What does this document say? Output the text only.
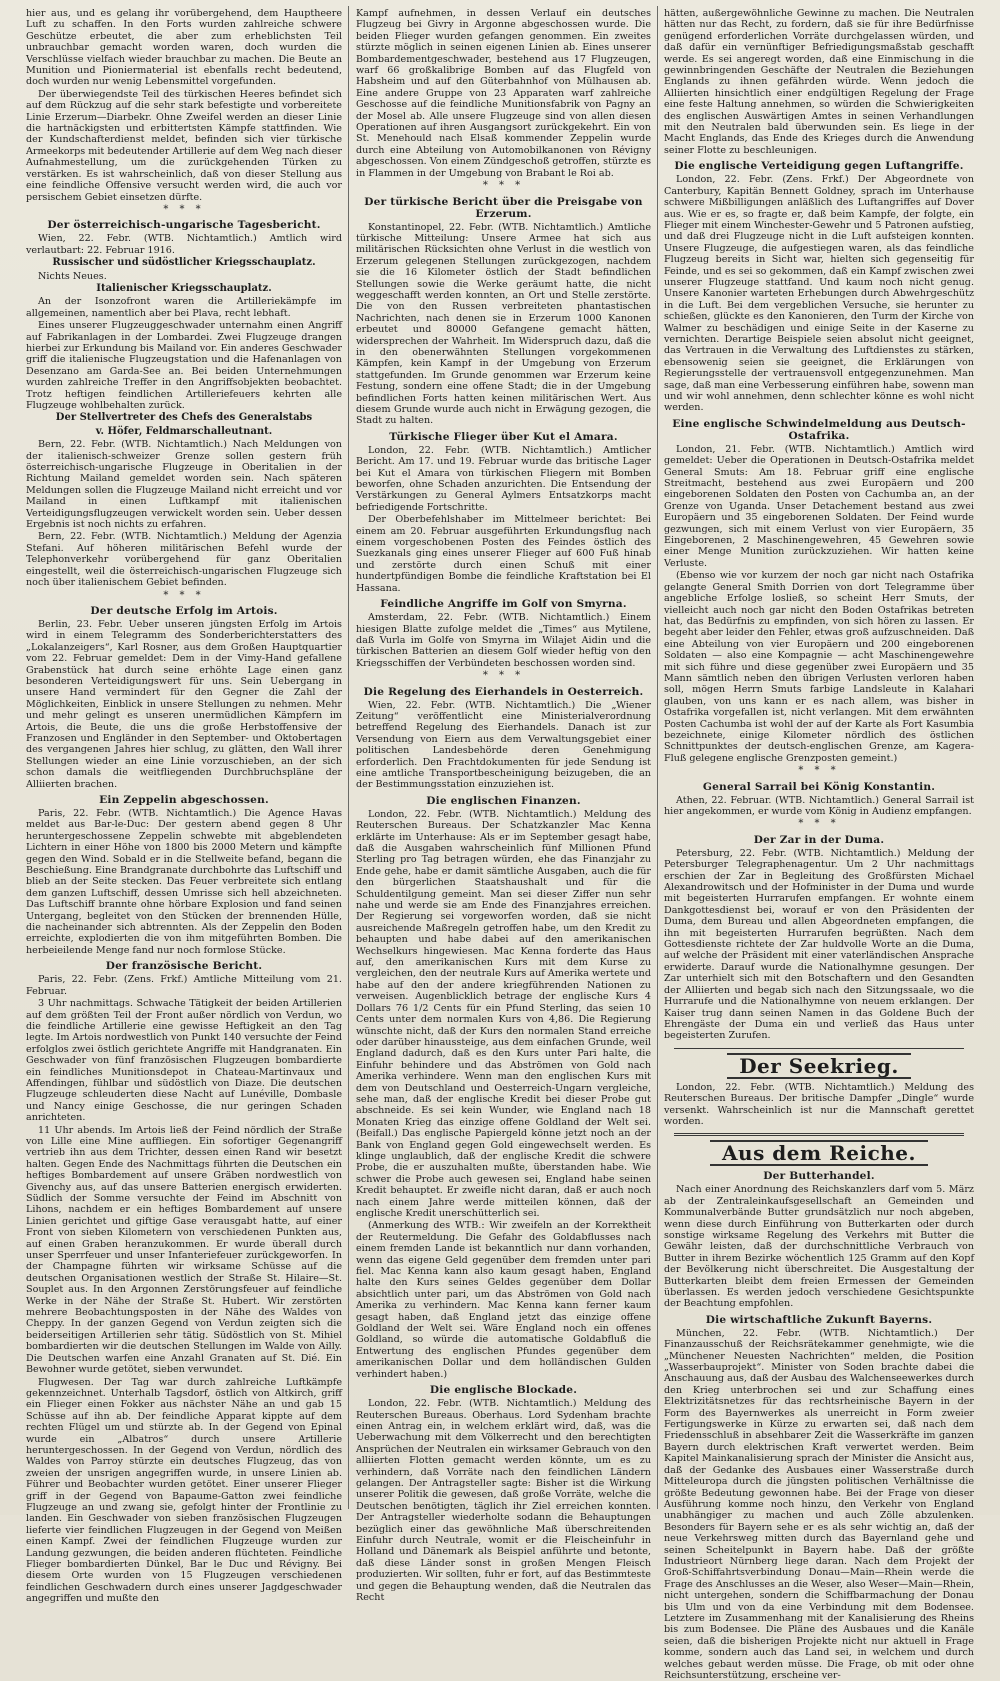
hier aus, und es gelang ihr vorübergehend, dem Hauptheere Luft zu schaffen. In den Forts wurden zahlreiche schwere Geschütze erbeutet, die aber zum erheblichsten Teil unbrauchbar gemacht worden waren, doch wurden die Verschlüsse vielfach wieder brauchbar zu machen. Die Beute an Munition und Pioniermaterial ist ebenfalls recht bedeutend, doch wurden nur wenig Lebensmittel vorgefunden.

Der überwiegendste Teil des türkischen Heeres befindet sich auf dem Rückzug auf die sehr stark befestigte und vorbereitete Linie Erzerum—Diarbekr. Ohne Zweifel werden an dieser Linie die hartnäckigsten und erbittertsten Kämpfe stattfinden. Wie der Kundschafterdienst meldet, befinden sich vier türkische Armeekorps mit bedeutender Artillerie auf dem Weg nach dieser Aufnahmestellung, um die zurückgehenden Türken zu verstärken. Es ist wahrscheinlich, daß von dieser Stellung aus eine feindliche Offensive versucht werden wird, die auch vor persischem Gebiet einsetzen dürfte.

* * *
Der österreichisch-ungarische Tagesbericht.

Wien, 22. Febr. (WTB. Nichtamtlich.) Amtlich wird verlautbart: 22. Februar 1916.

Russischer und südöstlicher Kriegsschauplatz.

Nichts Neues.

Italienischer Kriegsschauplatz.

An der Isonzofront waren die Artilleriekämpfe im allgemeinen, namentlich aber bei Plava, recht lebhaft.

Eines unserer Flugzeuggeschwader unternahm einen Angriff auf Fabrikanlagen in der Lombardei. Zwei Flugzeuge drangen hierbei zur Erkundung bis Mailand vor. Ein anderes Geschwader griff die italienische Flugzeugstation und die Hafenanlagen von Desenzano am Garda-See an. Bei beiden Unternehmungen wurden zahlreiche Treffer in den Angriffsobjekten beobachtet. Trotz heftigen feindlichen Artilleriefeuers kehrten alle Flugzeuge wohlbehalten zurück.

Der Stellvertreter des Chefs des Generalstabs
v. Höfer, Feldmarschalleutnant.

Bern, 22. Febr. (WTB. Nichtamtlich.) Nach Meldungen von der italienisch-schweizer Grenze sollen gestern früh österreichisch-ungarische Flugzeuge in Oberitalien in der Richtung Mailand gemeldet worden sein. Nach späteren Meldungen sollen die Flugzeuge Mailand nicht erreicht und vor Mailand in einen Luftkampf mit italienischen Verteidigungsflugzeugen verwickelt worden sein. Ueber dessen Ergebnis ist noch nichts zu erfahren.

Bern, 22. Febr. (WTB. Nichtamtlich.) Meldung der Agenzia Stefani. Auf höheren militärischen Befehl wurde der Telephonverkehr vorübergehend für ganz Oberitalien eingestellt, weil die österreichisch-ungarischen Flugzeuge sich noch über italienischem Gebiet befinden.

* * *
Der deutsche Erfolg im Artois.

Berlin, 23. Febr. Ueber unseren jüngsten Erfolg im Artois wird in einem Telegramm des Sonderberichterstatters des „Lokalanzeigers“, Karl Rosner, aus dem Großen Hauptquartier vom 22. Februar gemeldet: Dem in der Vimy-Hand gefallene Grabenstück hat durch seine erhöhte Lage einen ganz besonderen Verteidigungswert für uns. Sein Uebergang in unsere Hand vermindert für den Gegner die Zahl der Möglichkeiten, Einblick in unsere Stellungen zu nehmen. Mehr und mehr gelingt es unseren unermüdlichen Kämpfern im Artois, die Beute, die uns die große Herbstoffensive der Franzosen und Engländer in den September- und Oktobertagen des vergangenen Jahres hier schlug, zu glätten, den Wall ihrer Stellungen wieder an eine Linie vorzuschieben, an der sich schon damals die weitfliegenden Durchbruchspläne der Alliierten brachen.

Ein Zeppelin abgeschossen.

Paris, 22. Febr. (WTB. Nichtamtlich.) Die Agence Havas meldet aus Bar-le-Duc: Der gestern abend gegen 8 Uhr heruntergeschossene Zeppelin schwebte mit abgeblendeten Lichtern in einer Höhe von 1800 bis 2000 Metern und kämpfte gegen den Wind. Sobald er in die Stellweite befand, begann die Beschießung. Eine Brandgranate durchbohrte das Luftschiff und blieb an der Seite stecken. Das Feuer verbreitete sich entlang dem ganzen Luftschiff, dessen Umrisse sich hell abzeichneten. Das Luftschiff brannte ohne hörbare Explosion und fand seinen Untergang, begleitet von den Stücken der brennenden Hülle, die nacheinander sich abtrennten. Als der Zeppelin den Boden erreichte, explodierten die von ihm mitgeführten Bomben. Die herbeieilende Menge fand nur noch formlose Stücke.

Der französische Bericht.

Paris, 22. Febr. (Zens. Frkf.) Amtliche Mitteilung vom 21. Februar.

3 Uhr nachmittags. Schwache Tätigkeit der beiden Artillerien auf dem größten Teil der Front außer nördlich von Verdun, wo die feindliche Artillerie eine gewisse Heftigkeit an den Tag legte. Im Artois nordwestlich von Punkt 140 versuchte der Feind erfolglos zwei östlich gerichtete Angriffe mit Handgranaten. Ein Geschwader von fünf französischen Flugzeugen bombardierte ein feindliches Munitionsdepot in Chateau-Martinvaux und Affendingen, fühlbar und südöstlich von Diaze. Die deutschen Flugzeuge schleuderten diese Nacht auf Lunéville, Dombasle und Nancy einige Geschosse, die nur geringen Schaden anrichteten.

11 Uhr abends. Im Artois ließ der Feind nördlich der Straße von Lille eine Mine auffliegen. Ein sofortiger Gegenangriff vertrieb ihn aus dem Trichter, dessen einen Rand wir besetzt halten. Gegen Ende des Nachmittags führten die Deutschen ein heftiges Bombardement auf unsere Gräben nordwestlich von Givenchy aus, auf das unsere Batterien energisch erwiderten. Südlich der Somme versuchte der Feind im Abschnitt von Lihons, nachdem er ein heftiges Bombardement auf unsere Linien gerichtet und giftige Gase verausgabt hatte, auf einer Front von sieben Kilometern von verschiedenen Punkten aus, auf einen Graben heranzukommen. Er wurde überall durch unser Sperrfeuer und unser Infanteriefeuer zurückgeworfen. In der Champagne führten wir wirksame Schüsse auf die deutschen Organisationen westlich der Straße St. Hilaire—St. Souplet aus. In den Argonnen Zerstörungsfeuer auf feindliche Werke in der Nähe der Straße St. Hubert. Wir zerstörten mehrere Beobachtungsposten in der Nähe des Waldes von Cheppy. In der ganzen Gegend von Verdun zeigten sich die beiderseitigen Artillerien sehr tätig. Südöstlich von St. Mihiel bombardierten wir die deutschen Stellungen im Walde von Ailly. Die Deutschen warfen eine Anzahl Granaten auf St. Dié. Ein Bewohner wurde getötet, sieben verwundet.

Flugwesen. Der Tag war durch zahlreiche Luftkämpfe gekennzeichnet. Unterhalb Tagsdorf, östlich von Altkirch, griff ein Flieger einen Fokker aus nächster Nähe an und gab 15 Schüsse auf ihn ab. Der feindliche Apparat kippte auf dem rechten Flügel um und stürzte ab. In der Gegend von Epinal wurde ein „Albatros“ durch unsere Artillerie heruntergeschossen. In der Gegend von Verdun, nördlich des Waldes von Parroy stürzte ein deutsches Flugzeug, das von zweien der unsrigen angegriffen wurde, in unsere Linien ab. Führer und Beobachter wurden getötet. Einer unserer Flieger griff in der Gegend von Bapaume-Gatton zwei feindliche Flugzeuge an und zwang sie, gefolgt hinter der Frontlinie zu landen. Ein Geschwader von sieben französischen Flugzeugen lieferte vier feindlichen Flugzeugen in der Gegend von Meißen einen Kampf. Zwei der feindlichen Flugzeuge wurden zur Landung gezwungen, die beiden anderen flüchteten. Feindliche Flieger bombardierten Dünkel, Bar le Duc und Révigny. Bei diesem Orte wurden von 15 Flugzeugen verschiedenen feindlichen Geschwadern durch eines unserer Jagdgeschwader angegriffen und mußte den

Kampf aufnehmen, in dessen Verlauf ein deutsches Flugzeug bei Givry in Argonne abgeschossen wurde. Die beiden Flieger wurden gefangen genommen. Ein zweites stürzte möglich in seinen eigenen Linien ab. Eines unserer Bombardementgeschwader, bestehend aus 17 Flugzeugen, warf 66 großkalibrige Bomben auf das Flugfeld von Habsheim und auf den Güterbahnhof von Mülhausen ab. Eine andere Gruppe von 23 Apparaten warf zahlreiche Geschosse auf die feindliche Munitionsfabrik von Pagny an der Mosel ab. Alle unsere Flugzeuge sind von allen diesen Operationen auf ihren Ausgangsort zurückgekehrt. Ein von St. Menehould nach Elsaß kommender Zeppelin wurde durch eine Abteilung von Automobilkanonen von Révigny abgeschossen. Von einem Zündgeschoß getroffen, stürzte es in Flammen in der Umgebung von Brabant le Roi ab.

* * *
Der türkische Bericht über die Preisgabe von Erzerum.

Konstantinopel, 22. Febr. (WTB. Nichtamtlich.) Amtliche türkische Mitteilung: Unsere Armee hat sich aus militärischen Rücksichten ohne Verlust in die westlich von Erzerum gelegenen Stellungen zurückgezogen, nachdem sie die 16 Kilometer östlich der Stadt befindlichen Stellungen sowie die Werke geräumt hatte, die nicht weggeschafft werden konnten, an Ort und Stelle zerstörte. Die von den Russen verbreiteten phantastischen Nachrichten, nach denen sie in Erzerum 1000 Kanonen erbeutet und 80000 Gefangene gemacht hätten, widersprechen der Wahrheit. Im Widerspruch dazu, daß die in den obenerwähnten Stellungen vorgekommenen Kämpfen, kein Kampf in der Umgebung von Erzerum stattgefunden. Im Grunde genommen war Erzerum keine Festung, sondern eine offene Stadt; die in der Umgebung befindlichen Forts hatten keinen militärischen Wert. Aus diesem Grunde wurde auch nicht in Erwägung gezogen, die Stadt zu halten.

Türkische Flieger über Kut el Amara.

London, 22. Febr. (WTB. Nichtamtlich.) Amtlicher Bericht. Am 17. und 19. Februar wurde das britische Lager bei Kut el Amara von türkischen Fliegern mit Bomben beworfen, ohne Schaden anzurichten. Die Entsendung der Verstärkungen zu General Aylmers Entsatzkorps macht befriedigende Fortschritte.

Der Oberbefehlshaber im Mittelmeer berichtet: Bei einem am 20. Februar ausgeführten Erkundungsflug nach einem vorgeschobenen Posten des Feindes östlich des Suezkanals ging eines unserer Flieger auf 600 Fuß hinab und zerstörte durch einen Schuß mit einer hundertpfündigen Bombe die feindliche Kraftstation bei El Hassana.

Feindliche Angriffe im Golf von Smyrna.

Amsterdam, 22. Febr. (WTB. Nichtamtlich.) Einem hiesigen Blatte zufolge meldet die „Times“ aus Mytilene, daß Vurla im Golfe von Smyrna im Wilajet Aidin und die türkischen Batterien an diesem Golf wieder heftig von den Kriegsschiffen der Verbündeten beschossen worden sind.

* * *
Die Regelung des Eierhandels in Oesterreich.

Wien, 22. Febr. (WTB. Nichtamtlich.) Die „Wiener Zeitung“ veröffentlicht eine Ministerialverordnung betreffend Regelung des Eierhandels. Danach ist zur Versendung von Eiern aus dem Verwaltungsgebiet einer politischen Landesbehörde deren Genehmigung erforderlich. Den Frachtdokumenten für jede Sendung ist eine amtliche Transportbescheinigung beizugeben, die an der Bestimmungsstation einzuziehen ist.

Die englischen Finanzen.

London, 22. Febr. (WTB. Nichtamtlich.) Meldung des Reuterschen Bureaus. Der Schatzkanzler Mac Kenna erklärte im Unterhause: Als er im September gesagt habe, daß die Ausgaben wahrscheinlich fünf Millionen Pfund Sterling pro Tag betragen würden, ehe das Finanzjahr zu Ende gehe, habe er damit sämtliche Ausgaben, auch die für den bürgerlichen Staatshaushalt und für die Schuldentilgung gemeint. Man sei dieser Ziffer nun sehr nahe und werde sie am Ende des Finanzjahres erreichen. Der Regierung sei vorgeworfen worden, daß sie nicht ausreichende Maßregeln getroffen habe, um den Kredit zu behaupten und habe dabei auf den amerikanischen Wechselkurs hingewiesen. Mac Kenna forderte das Haus auf, den amerikanischen Kurs mit dem Kurse zu vergleichen, den der neutrale Kurs auf Amerika wertete und habe auf den der andere kriegführenden Nationen zu verweisen. Augenblicklich betrage der englische Kurs 4 Dollars 76 1/2 Cents für ein Pfund Sterling, das seien 10 Cents unter dem normalen Kurs von 4,86. Die Regierung wünschte nicht, daß der Kurs den normalen Stand erreiche oder darüber hinaussteige, aus dem einfachen Grunde, weil England dadurch, daß es den Kurs unter Pari halte, die Einfuhr behindere und das Abströmen von Gold nach Amerika verhindere. Wenn man den englischen Kurs mit dem von Deutschland und Oesterreich-Ungarn vergleiche, sehe man, daß der englische Kredit bei dieser Probe gut abschneide. Es sei kein Wunder, wie England nach 18 Monaten Krieg das einzige offene Goldland der Welt sei. (Beifall.) Das englische Papiergeld könne jetzt noch an der Bank von England gegen Gold eingewechselt werden. Es klinge unglaublich, daß der englische Kredit die schwere Probe, die er auszuhalten mußte, überstanden habe. Wie schwer die Probe auch gewesen sei, England habe seinen Kredit behauptet. Er zweifle nicht daran, daß er auch noch nach einem Jahre werde mitteilen können, daß der englische Kredit unerschütterlich sei.

(Anmerkung des WTB.: Wir zweifeln an der Korrektheit der Reutermeldung. Die Gefahr des Goldabflusses nach einem fremden Lande ist bekanntlich nur dann vorhanden, wenn das eigene Geld gegenüber dem fremden unter pari fiel. Mac Kenna kann also kaum gesagt haben, England halte den Kurs seines Geldes gegenüber dem Dollar absichtlich unter pari, um das Abströmen von Gold nach Amerika zu verhindern. Mac Kenna kann ferner kaum gesagt haben, daß England jetzt das einzige offene Goldland der Welt sei. Wäre England noch ein offenes Goldland, so würde die automatische Goldabfluß die Entwertung des englischen Pfundes gegenüber dem amerikanischen Dollar und dem holländischen Gulden verhindert haben.)

Die englische Blockade.

London, 22. Febr. (WTB. Nichtamtlich.) Meldung des Reuterschen Bureaus. Oberhaus. Lord Sydenham brachte einen Antrag ein, in welchem erklärt wird, daß, was die Ueberwachung mit dem Völkerrecht und den berechtigten Ansprüchen der Neutralen ein wirksamer Gebrauch von den alliierten Flotten gemacht werden könnte, um es zu verhindern, daß Vorräte nach den feindlichen Ländern gelangen. Der Antragsteller sagte: Bisher ist die Wirkung unserer Politik die gewesen, daß große Vorräte, welche die Deutschen benötigten, täglich ihr Ziel erreichen konnten. Der Antragsteller wiederholte sodann die Behauptungen bezüglich einer das gewöhnliche Maß überschreitenden Einfuhr durch Neutrale, womit er die Fleischeinfuhr in Holland und Dänemark als Beispiel anführte und betonte, daß diese Länder sonst in großen Mengen Fleisch produzierten. Wir sollten, fuhr er fort, auf das Bestimmteste und gegen die Behauptung wenden, daß die Neutralen das Recht

hätten, außergewöhnliche Gewinne zu machen. Die Neutralen hätten nur das Recht, zu fordern, daß sie für ihre Bedürfnisse genügend erforderlichen Vorräte durchgelassen würden, und daß dafür ein vernünftiger Befriedigungsmaßstab geschafft werde. Es sei angeregt worden, daß eine Einmischung in die gewinnbringenden Geschäfte der Neutralen die Beziehungen Englands zu ihnen gefährden würde. Wenn jedoch die Alliierten hinsichtlich einer endgültigen Regelung der Frage eine feste Haltung annehmen, so würden die Schwierigkeiten des englischen Auswärtigen Amtes in seinen Verhandlungen mit den Neutralen bald überwunden sein. Es liege in der Macht Englands, das Ende des Krieges durch die Anwendung seiner Flotte zu beschleunigen.

Die englische Verteidigung gegen Luftangriffe.

London, 22. Febr. (Zens. Frkf.) Der Abgeordnete von Canterbury, Kapitän Bennett Goldney, sprach im Unterhause schwere Mißbilligungen anläßlich des Luftangriffes auf Dover aus. Wie er es, so fragte er, daß beim Kampfe, der folgte, ein Flieger mit einem Winchester-Gewehr und 5 Patronen aufstieg, und daß drei Flugzeuge nicht in die Luft aufsteigen konnten. Unsere Flugzeuge, die aufgestiegen waren, als das feindliche Flugzeug bereits in Sicht war, hielten sich gegenseitig für Feinde, und es sei so gekommen, daß ein Kampf zwischen zwei unserer Flugzeuge stattfand. Und kaum noch nicht genug. Unsere Kanonier warteten Erhebungen durch Abwehrgeschütz in die Luft. Bei dem vergeblichen Versuche, sie herunter zu schießen, glückte es den Kanonieren, den Turm der Kirche von Walmer zu beschädigen und einige Seite in der Kaserne zu vernichten. Derartige Beispiele seien absolut nicht geeignet, das Vertrauen in die Verwaltung des Luftdienstes zu stärken, ebensowenig seien sie geeignet, die Erklärungen von Regierungsstelle der vertrauensvoll entgegenzunehmen. Man sage, daß man eine Verbesserung einführen habe, sowenn man und wir wohl annehmen, denn schlechter könne es wohl nicht werden.

Eine englische Schwindelmeldung aus Deutsch-Ostafrika.

London, 21. Febr. (WTB. Nichtamtlich.) Amtlich wird gemeldet: Ueber die Operationen in Deutsch-Ostafrika meldet General Smuts: Am 18. Februar griff eine englische Streitmacht, bestehend aus zwei Europäern und 200 eingeborenen Soldaten den Posten von Cachumba an, an der Grenze von Uganda. Unser Detachement bestand aus zwei Europäern und 35 eingeborenen Soldaten. Der Feind wurde gezwungen, sich mit einem Verlust von vier Europäern, 35 Eingeborenen, 2 Maschinengewehren, 45 Gewehren sowie einer Menge Munition zurückzuziehen. Wir hatten keine Verluste.

(Ebenso wie vor kurzem der noch gar nicht nach Ostafrika gelangte General Smith Dorrien von dort Telegramme über angebliche Erfolge losließ, so scheint Herr Smuts, der vielleicht auch noch gar nicht den Boden Ostafrikas betreten hat, das Bedürfnis zu empfinden, von sich hören zu lassen. Er begeht aber leider den Fehler, etwas groß aufzuschneiden. Daß eine Abteilung von vier Europäern und 200 eingeborenen Soldaten — also eine Kompagnie — acht Maschinengewehre mit sich führe und diese gegenüber zwei Europäern und 35 Mann sämtlich neben den übrigen Verlusten verloren haben soll, mögen Herrn Smuts farbige Landsleute in Kalahari glauben, von uns kann er es nach allem, was bisher in Ostafrika vorgefallen ist, nicht verlangen. Mit dem erwähnten Posten Cachumba ist wohl der auf der Karte als Fort Kasumbia bezeichnete, einige Kilometer nördlich des östlichen Schnittpunktes der deutsch-englischen Grenze, am Kagera-Fluß gelegene englische Grenzposten gemeint.)

* * *
General Sarrail bei König Konstantin.

Athen, 22. Februar. (WTB. Nichtamtlich.) General Sarrail ist hier angekommen, er wurde vom König in Audienz empfangen.

* * *
Der Zar in der Duma.

Petersburg, 22. Febr. (WTB. Nichtamtlich.) Meldung der Petersburger Telegraphenagentur. Um 2 Uhr nachmittags erschien der Zar in Begleitung des Großfürsten Michael Alexandrowitsch und der Hofminister in der Duma und wurde mit begeisterten Hurrarufen empfangen. Er wohnte einem Dankgottesdienst bei, worauf er von den Präsidenten der Duma, dem Bureau und allen Abgeordneten empfangen, die ihn mit begeisterten Hurrarufen begrüßten. Nach dem Gottesdienste richtete der Zar huldvolle Worte an die Duma, auf welche der Präsident mit einer vaterländischen Ansprache erwiderte. Darauf wurde die Nationalhymne gesungen. Der Zar unterhielt sich mit den Botschaftern und den Gesandten der Alliierten und begab sich nach den Sitzungssaale, wo die Hurrarufe und die Nationalhymne von neuem erklangen. Der Kaiser trug dann seinen Namen in das Goldene Buch der Ehrengäste der Duma ein und verließ das Haus unter begeisterten Zurufen.

Der Seekrieg.

London, 22. Febr. (WTB. Nichtamtlich.) Meldung des Reuterschen Bureaus. Der britische Dampfer „Dingle“ wurde versenkt. Wahrscheinlich ist nur die Mannschaft gerettet worden.

Aus dem Reiche.
Der Butterhandel.

Nach einer Anordnung des Reichskanzlers darf vom 5. März ab der Zentraleinkaufsgesellschaft an Gemeinden und Kommunalverbände Butter grundsätzlich nur noch abgeben, wenn diese durch Einführung von Butterkarten oder durch sonstige wirksame Regelung des Verkehrs mit Butter die Gewähr leisten, daß der durchschnittliche Verbrauch von Butter in ihrem Bezirke wöchentlich 125 Gramm auf den Kopf der Bevölkerung nicht überschreitet. Die Ausgestaltung der Butterkarten bleibt dem freien Ermessen der Gemeinden überlassen. Es werden jedoch verschiedene Gesichtspunkte der Beachtung empfohlen.

Die wirtschaftliche Zukunft Bayerns.

München, 22. Febr. (WTB. Nichtamtlich.) Der Finanzausschuß der Reichsrätekammer genehmigte, wie die „Münchener Neuesten Nachrichten“ melden, die Position „Wasserbauprojekt“. Minister von Soden brachte dabei die Anschauung aus, daß der Ausbau des Walchenseewerkes durch den Krieg unterbrochen sei und zur Schaffung eines Elektrizitätsnetzes für das rechtsrheinische Bayern in der Form des Bayernwerkes als unerreicht in Form zweier Fertigungswerke in Kürze zu erwarten sei, daß nach dem Friedensschluß in absehbarer Zeit die Wasserkräfte im ganzen Bayern durch elektrischen Kraft verwertet werden. Beim Kapitel Mainkanalisierung sprach der Minister die Ansicht aus, daß der Gedanke des Ausbaues einer Wasserstraße durch Mitteleuropa durch die jüngsten politischen Verhältnisse die größte Bedeutung gewonnen habe. Bei der Frage von dieser Ausführung komme noch hinzu, den Verkehr von England unabhängiger zu machen und auch Zölle abzulenken. Besonders für Bayern sehe er es als sehr wichtig an, daß der neue Verkehrsweg mitten durch das Bayernland gehe und seinen Scheitelpunkt in Bayern habe. Daß der größte Industrieort Nürnberg liege daran. Nach dem Projekt der Groß-Schiffahrtsverbindung Donau—Main—Rhein werde die Frage des Anschlusses an die Weser, also Weser—Main—Rhein, nicht untergehen, sondern die Schiffbarmachung der Donau bis Ulm und von da eine Verbindung mit dem Bodensee. Letztere im Zusammenhang mit der Kanalisierung des Rheins bis zum Bodensee. Die Pläne des Ausbaues und die Kanäle seien, daß die bisherigen Projekte nicht nur aktuell in Frage komme, sondern auch das Land sei, in welchem und durch welches gebaut werden müsse. Die Frage, ob mit oder ohne Reichsunterstützung, erscheine ver-
